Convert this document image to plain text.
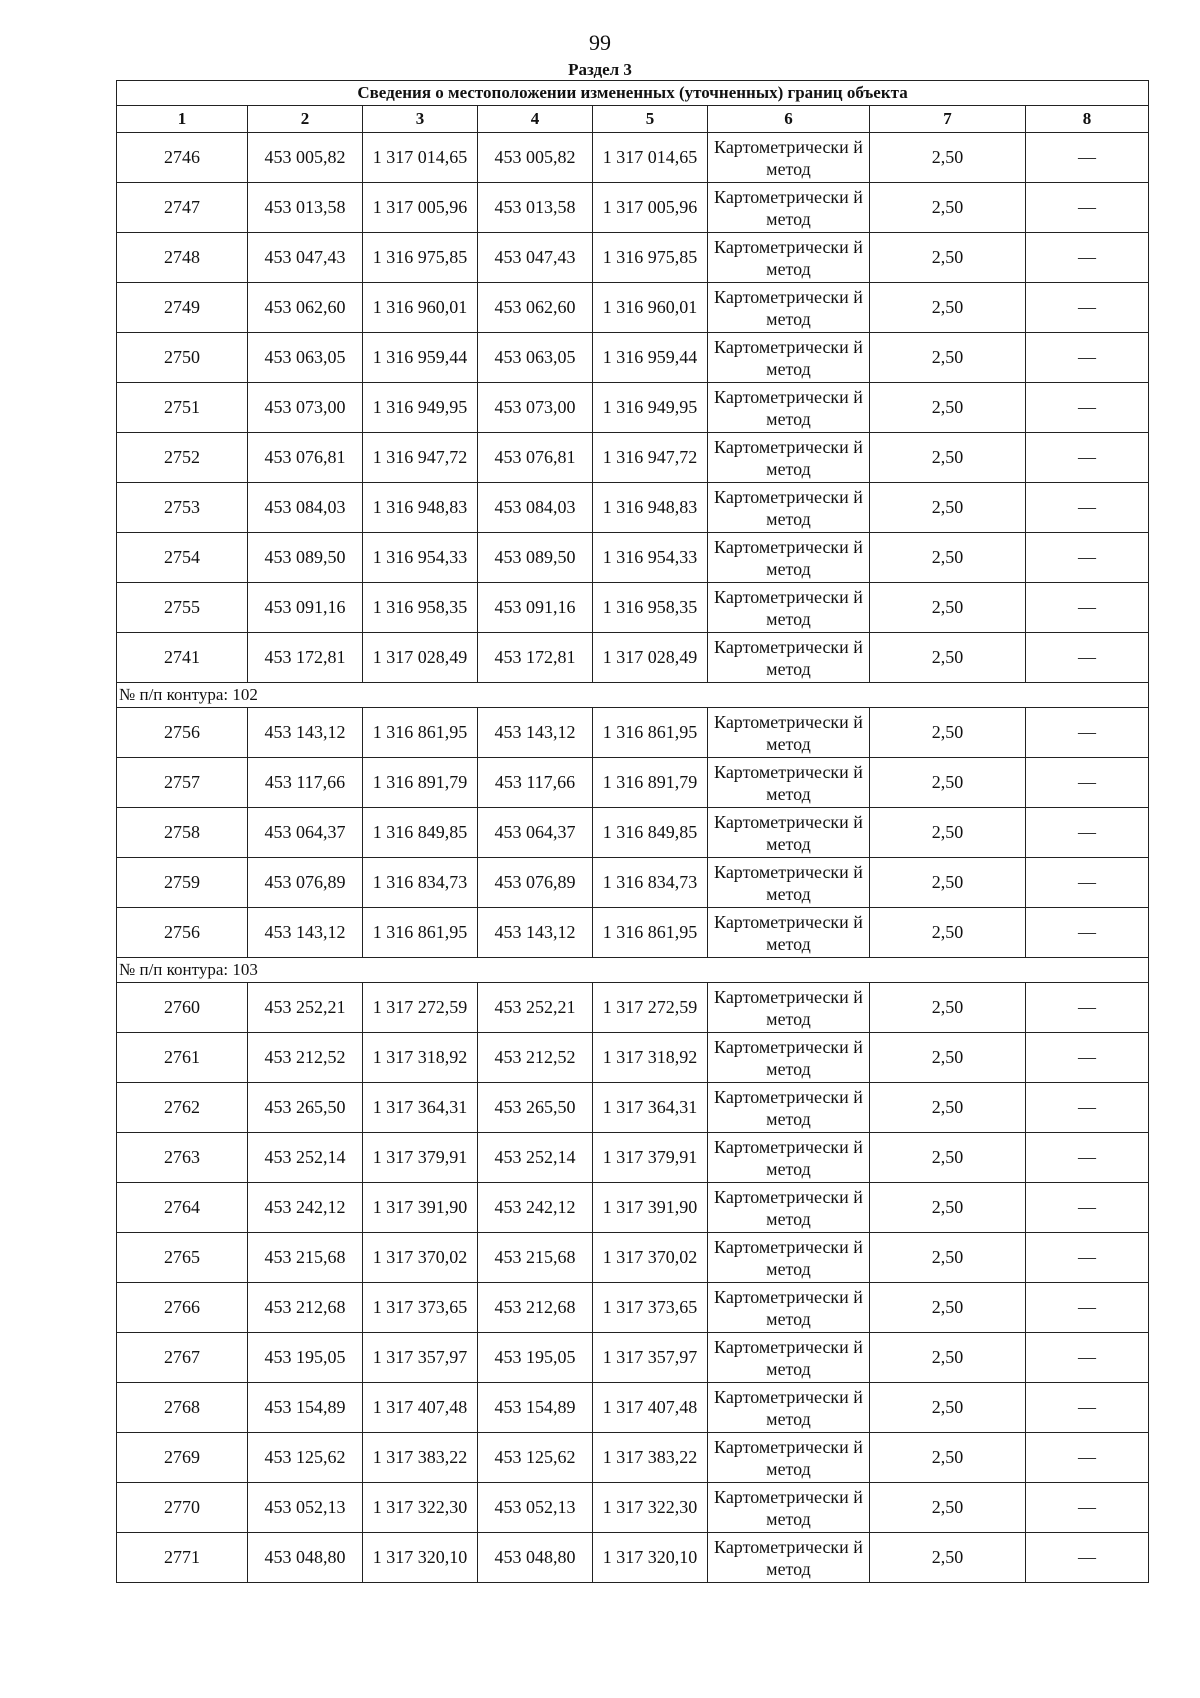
99
Раздел 3
Сведения о местоположении измененных (уточненных) границ объекта							
1	2	3	4	5	6	7	8
2746	453 005,82	1 317 014,65	453 005,82	1 317 014,65	Картометрически й метод	2,50	—
2747	453 013,58	1 317 005,96	453 013,58	1 317 005,96	Картометрически й метод	2,50	—
2748	453 047,43	1 316 975,85	453 047,43	1 316 975,85	Картометрически й метод	2,50	—
2749	453 062,60	1 316 960,01	453 062,60	1 316 960,01	Картометрически й метод	2,50	—
2750	453 063,05	1 316 959,44	453 063,05	1 316 959,44	Картометрически й метод	2,50	—
2751	453 073,00	1 316 949,95	453 073,00	1 316 949,95	Картометрически й метод	2,50	—
2752	453 076,81	1 316 947,72	453 076,81	1 316 947,72	Картометрически й метод	2,50	—
2753	453 084,03	1 316 948,83	453 084,03	1 316 948,83	Картометрически й метод	2,50	—
2754	453 089,50	1 316 954,33	453 089,50	1 316 954,33	Картометрически й метод	2,50	—
2755	453 091,16	1 316 958,35	453 091,16	1 316 958,35	Картометрически й метод	2,50	—
2741	453 172,81	1 317 028,49	453 172,81	1 317 028,49	Картометрически й метод	2,50	—
№ п/п контура: 102							
2756	453 143,12	1 316 861,95	453 143,12	1 316 861,95	Картометрически й метод	2,50	—
2757	453 117,66	1 316 891,79	453 117,66	1 316 891,79	Картометрически й метод	2,50	—
2758	453 064,37	1 316 849,85	453 064,37	1 316 849,85	Картометрически й метод	2,50	—
2759	453 076,89	1 316 834,73	453 076,89	1 316 834,73	Картометрически й метод	2,50	—
2756	453 143,12	1 316 861,95	453 143,12	1 316 861,95	Картометрически й метод	2,50	—
№ п/п контура: 103							
2760	453 252,21	1 317 272,59	453 252,21	1 317 272,59	Картометрически й метод	2,50	—
2761	453 212,52	1 317 318,92	453 212,52	1 317 318,92	Картометрически й метод	2,50	—
2762	453 265,50	1 317 364,31	453 265,50	1 317 364,31	Картометрически й метод	2,50	—
2763	453 252,14	1 317 379,91	453 252,14	1 317 379,91	Картометрически й метод	2,50	—
2764	453 242,12	1 317 391,90	453 242,12	1 317 391,90	Картометрически й метод	2,50	—
2765	453 215,68	1 317 370,02	453 215,68	1 317 370,02	Картометрически й метод	2,50	—
2766	453 212,68	1 317 373,65	453 212,68	1 317 373,65	Картометрически й метод	2,50	—
2767	453 195,05	1 317 357,97	453 195,05	1 317 357,97	Картометрически й метод	2,50	—
2768	453 154,89	1 317 407,48	453 154,89	1 317 407,48	Картометрически й метод	2,50	—
2769	453 125,62	1 317 383,22	453 125,62	1 317 383,22	Картометрически й метод	2,50	—
2770	453 052,13	1 317 322,30	453 052,13	1 317 322,30	Картометрически й метод	2,50	—
2771	453 048,80	1 317 320,10	453 048,80	1 317 320,10	Картометрически й метод	2,50	—
